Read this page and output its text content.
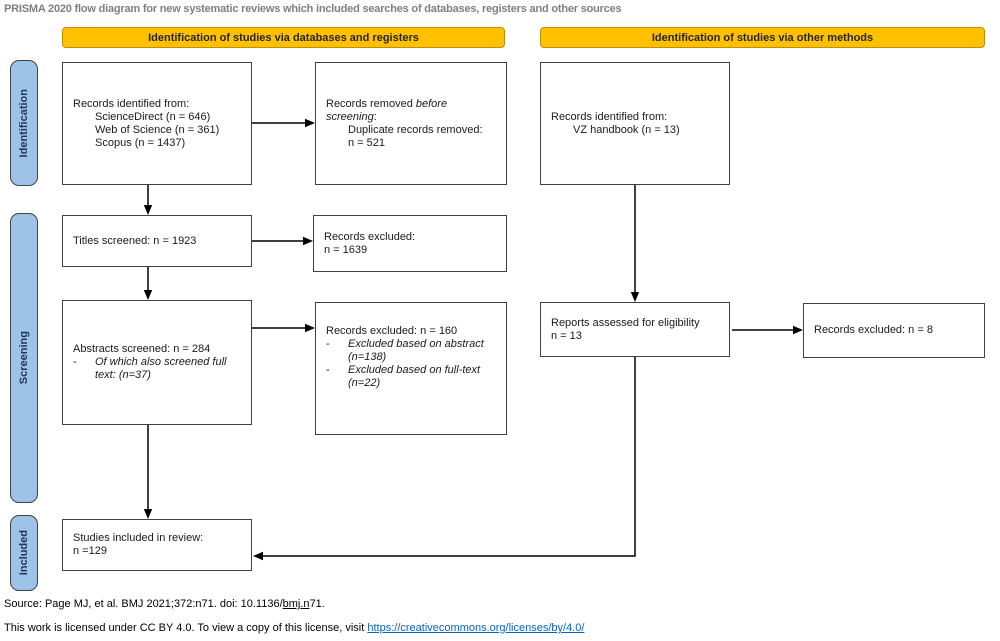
PRISMA 2020 flow diagram for new systematic reviews which included searches of databases, registers and other sources
Identification of studies via databases and registers	Identification of studies via other methods
Identification
Screening
Included
Records identified from:
ScienceDirect (n = 646)
Web of Science (n = 361)
Scopus (n = 1437)
Records removed before screening:
Duplicate records removed:
n = 521
Records identified from:
VZ handbook (n = 13)
Titles screened: n = 1923	Records excluded:
n = 1639
Abstracts screened: n = 284
-	Of which also screened full text: (n=37)
Records excluded: n = 160
-	Excluded based on abstract (n=138)
-	Excluded based on full-text (n=22)
Reports assessed for eligibility
n = 13	Records excluded: n = 8
Studies included in review:
n =129
Source: Page MJ, et al. BMJ 2021;372:n71. doi: 10.1136/bmj.n71.
This work is licensed under CC BY 4.0. To view a copy of this license, visit https://creativecommons.org/licenses/by/4.0/
